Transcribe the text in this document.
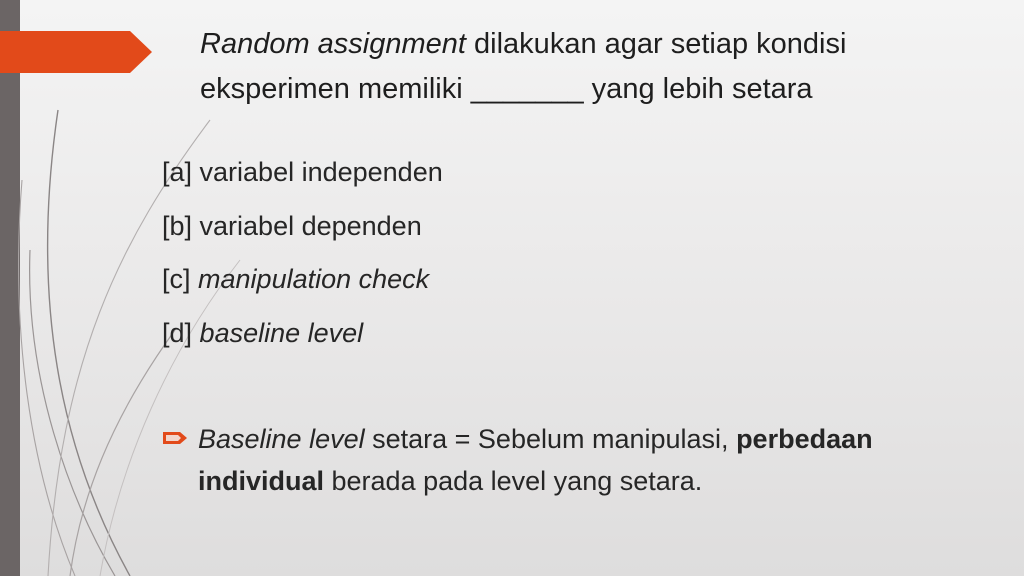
Random assignment dilakukan agar setiap kondisi
eksperimen memiliki _______ yang lebih setara
[a] variabel independen
[b] variabel dependen
[c] manipulation check
[d] baseline level
Baseline level setara = Sebelum manipulasi, perbedaan
individual berada pada level yang setara.
